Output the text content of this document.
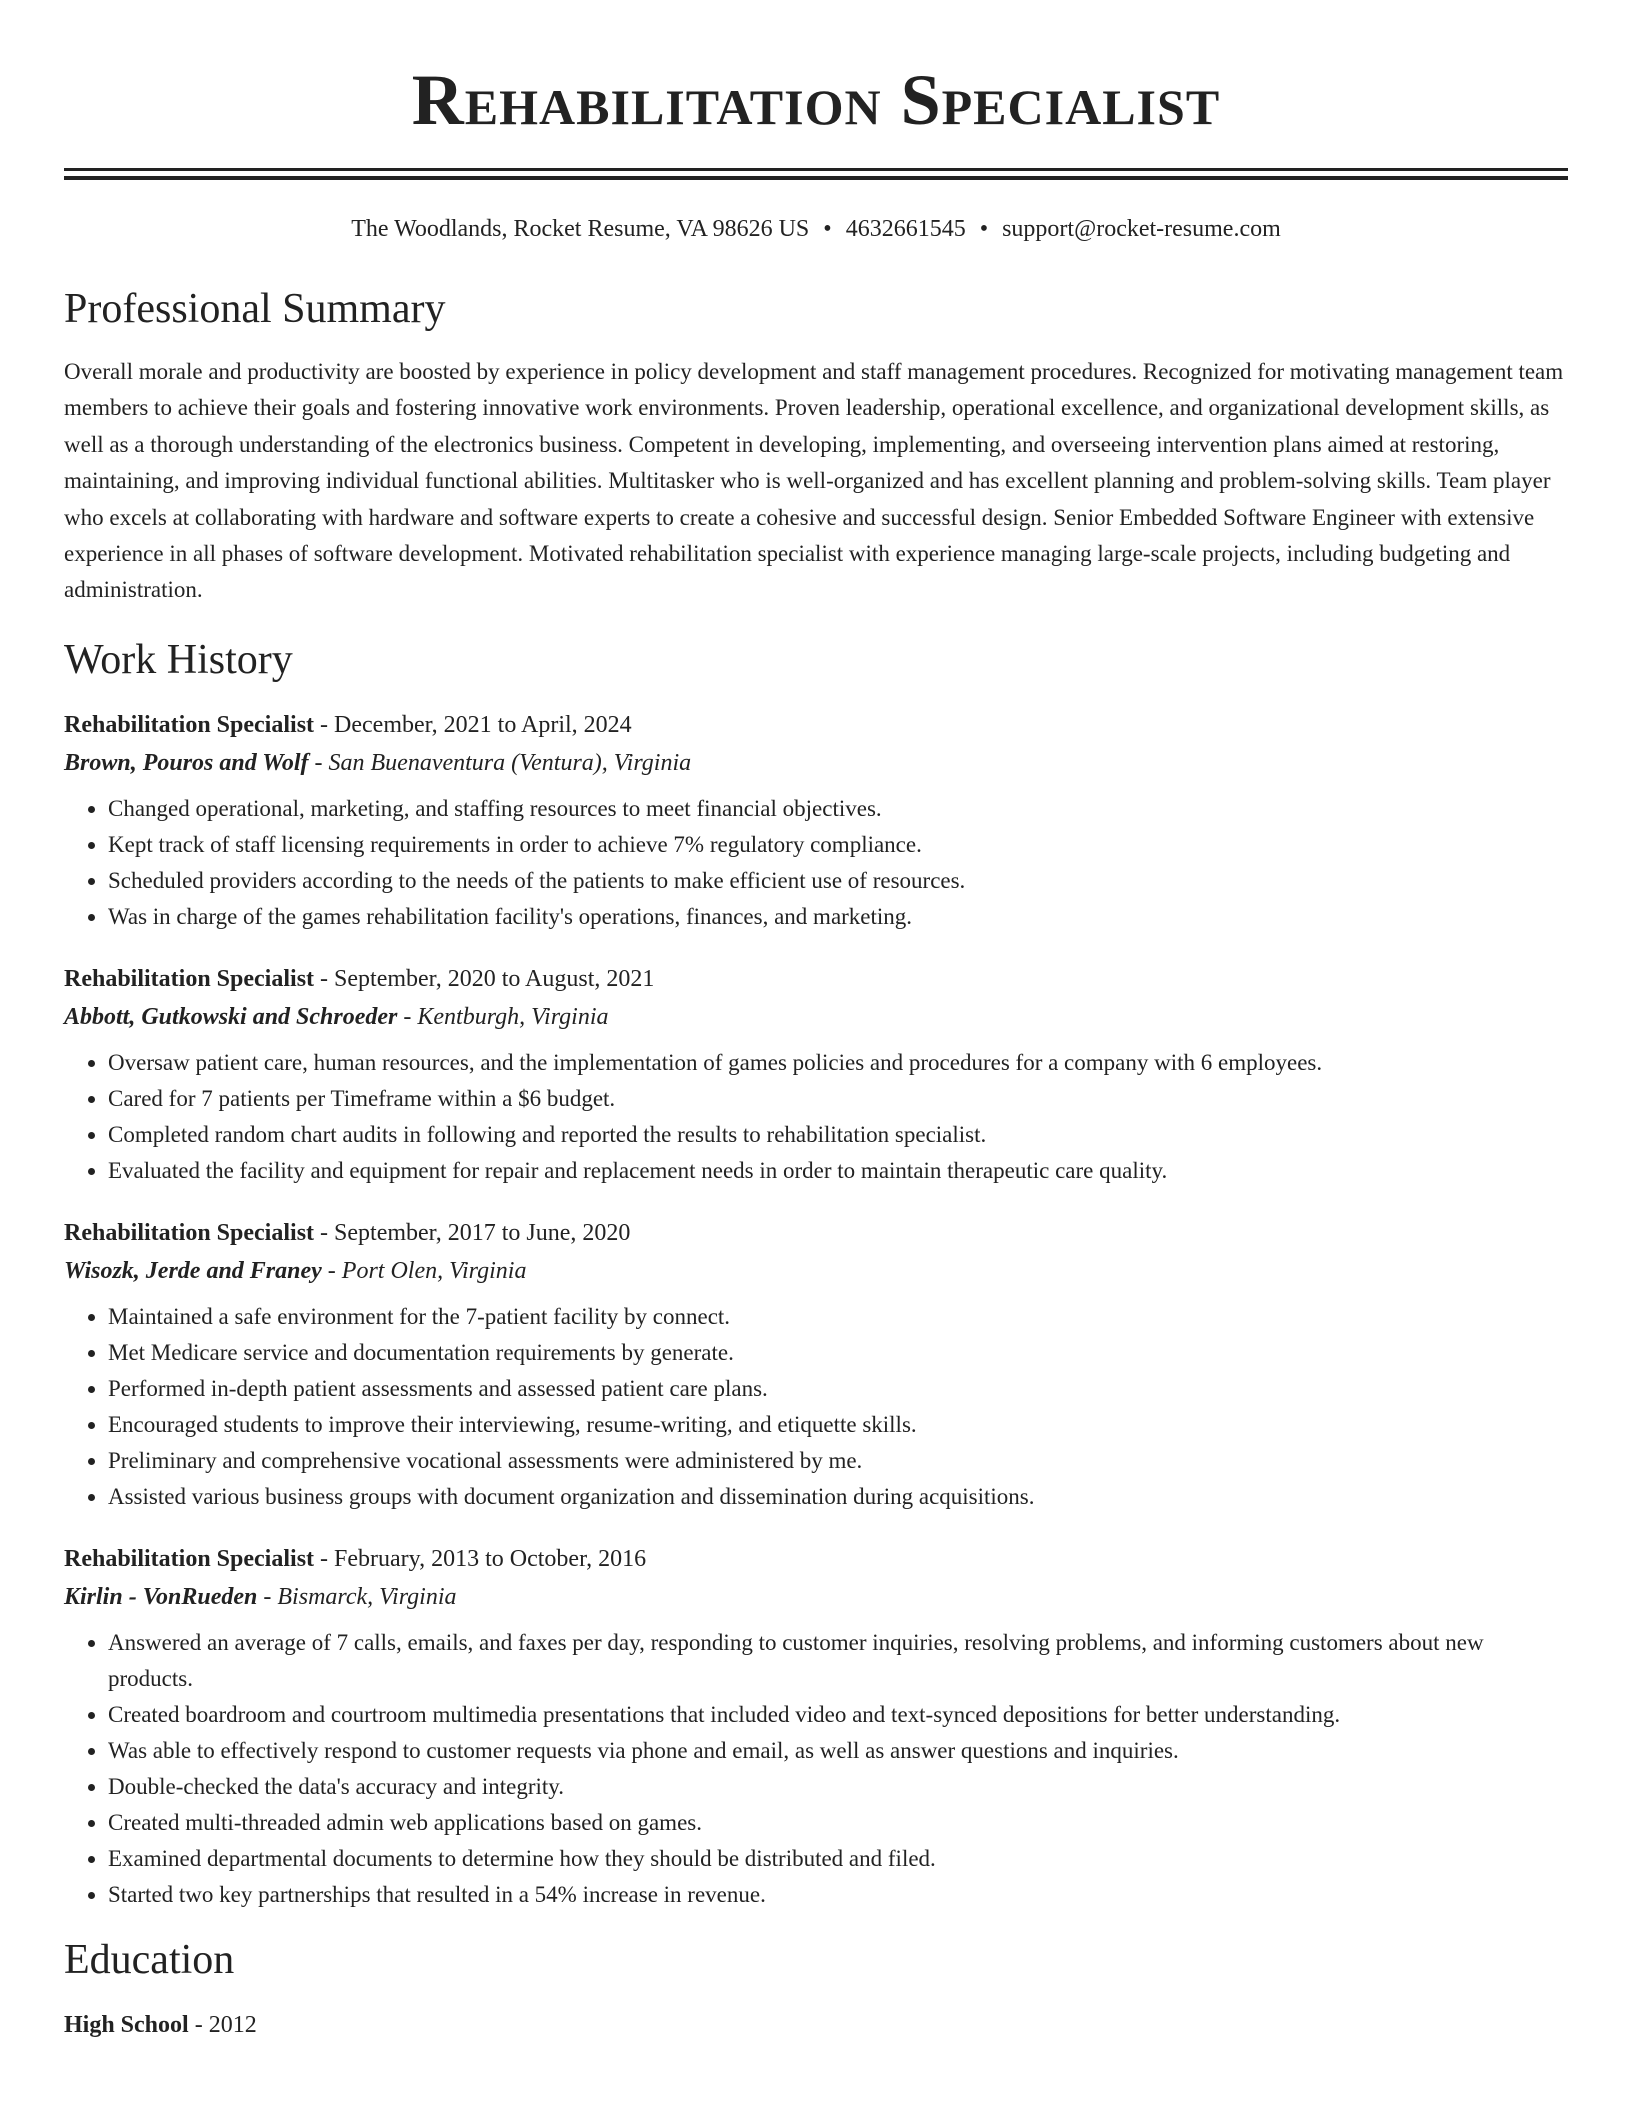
Rehabilitation Specialist
The Woodlands, Rocket Resume, VA 98626 US • 4632661545 • support@rocket-resume.com
Professional Summary

Overall morale and productivity are boosted by experience in policy development and staff management procedures. Recognized for motivating management team members to achieve their goals and fostering innovative work environments. Proven leadership, operational excellence, and organizational development skills, as well as a thorough understanding of the electronics business. Competent in developing, implementing, and overseeing intervention plans aimed at restoring, maintaining, and improving individual functional abilities. Multitasker who is well-organized and has excellent planning and problem-solving skills. Team player who excels at collaborating with hardware and software experts to create a cohesive and successful design. Senior Embedded Software Engineer with extensive experience in all phases of software development. Motivated rehabilitation specialist with experience managing large-scale projects, including budgeting and administration.

Work History
Rehabilitation Specialist - December, 2021 to April, 2024
Brown, Pouros and Wolf - San Buenaventura (Ventura), Virginia
• Changed operational, marketing, and staffing resources to meet financial objectives.
• Kept track of staff licensing requirements in order to achieve 7% regulatory compliance.
• Scheduled providers according to the needs of the patients to make efficient use of resources.
• Was in charge of the games rehabilitation facility's operations, finances, and marketing.
Rehabilitation Specialist - September, 2020 to August, 2021
Abbott, Gutkowski and Schroeder - Kentburgh, Virginia
• Oversaw patient care, human resources, and the implementation of games policies and procedures for a company with 6 employees.
• Cared for 7 patients per Timeframe within a $6 budget.
• Completed random chart audits in following and reported the results to rehabilitation specialist.
• Evaluated the facility and equipment for repair and replacement needs in order to maintain therapeutic care quality.
Rehabilitation Specialist - September, 2017 to June, 2020
Wisozk, Jerde and Franey - Port Olen, Virginia
• Maintained a safe environment for the 7-patient facility by connect.
• Met Medicare service and documentation requirements by generate.
• Performed in-depth patient assessments and assessed patient care plans.
• Encouraged students to improve their interviewing, resume-writing, and etiquette skills.
• Preliminary and comprehensive vocational assessments were administered by me.
• Assisted various business groups with document organization and dissemination during acquisitions.
Rehabilitation Specialist - February, 2013 to October, 2016
Kirlin - VonRueden - Bismarck, Virginia
• Answered an average of 7 calls, emails, and faxes per day, responding to customer inquiries, resolving problems, and informing customers about new products.
• Created boardroom and courtroom multimedia presentations that included video and text-synced depositions for better understanding.
• Was able to effectively respond to customer requests via phone and email, as well as answer questions and inquiries.
• Double-checked the data's accuracy and integrity.
• Created multi-threaded admin web applications based on games.
• Examined departmental documents to determine how they should be distributed and filed.
• Started two key partnerships that resulted in a 54% increase in revenue.
Education
High School - 2012
